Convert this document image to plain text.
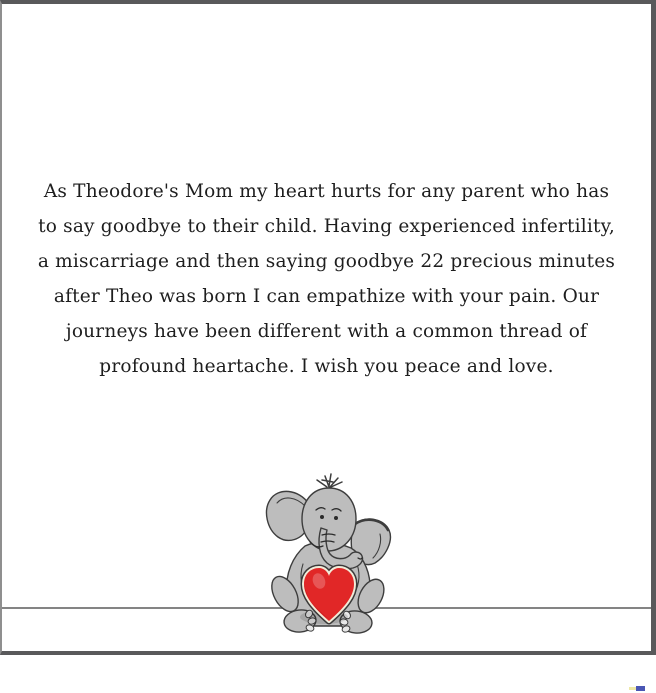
As Theodore's Mom my heart hurts for any parent who has
to say goodbye to their child. Having experienced infertility,
a miscarriage and then saying goodbye 22 precious minutes
after Theo was born I can empathize with your pain. Our
journeys have been different with a common thread of
profound heartache. I wish you peace and love.
